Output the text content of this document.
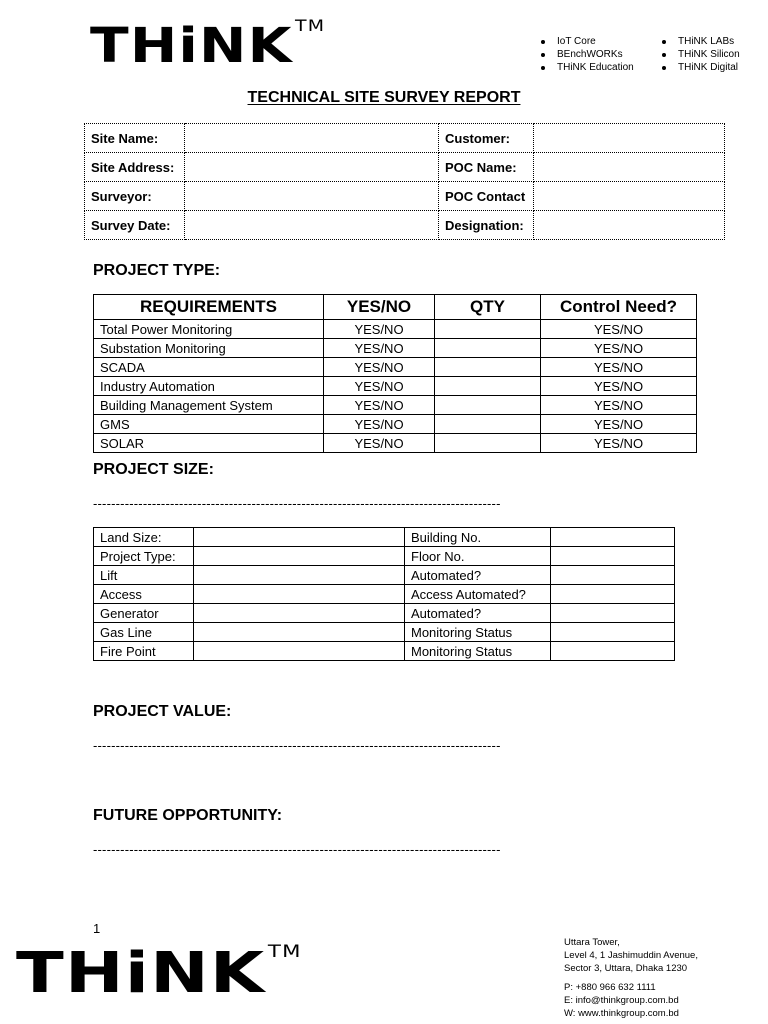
THiNK TM
IoT Core
BEnchWORKs
THiNK Education
THiNK LABs
THiNK Silicon
THiNK Digital
TECHNICAL SITE SURVEY REPORT
Site Name:		Customer:	
Site Address:		POC Name:	
Surveyor:		POC Contact	
Survey Date:		Designation:	
PROJECT TYPE:
REQUIREMENTS	YES/NO	QTY	Control Need?
Total Power Monitoring	YES/NO		YES/NO
Substation Monitoring	YES/NO		YES/NO
SCADA	YES/NO		YES/NO
Industry Automation	YES/NO		YES/NO
Building Management System	YES/NO		YES/NO
GMS	YES/NO		YES/NO
SOLAR	YES/NO		YES/NO
PROJECT SIZE:
------------------------------------------------------------------------------------------
Land Size:		Building No.	
Project Type:		Floor No.	
Lift		Automated?	
Access		Access Automated?	
Generator		Automated?	
Gas Line		Monitoring Status	
Fire Point		Monitoring Status	
PROJECT VALUE:
------------------------------------------------------------------------------------------
FUTURE OPPORTUNITY:
------------------------------------------------------------------------------------------
1
THiNK TM	Uttara Tower,
Level 4, 1 Jashimuddin Avenue,
Sector 3, Uttara, Dhaka 1230
P: +880 966 632 1111
E: info@thinkgroup.com.bd
W: www.thinkgroup.com.bd
